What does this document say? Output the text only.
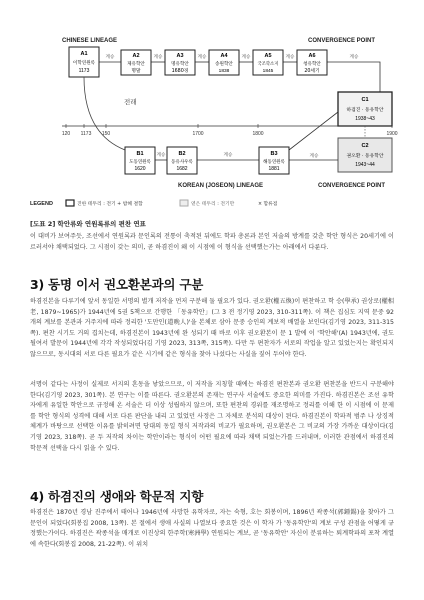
CHINESE LINEAGE	CONVERGENCE POINT
계승	계승	계승	계승	계승	계승
A1
이학연원록
1173
A2
제유학안
명말
A3
명유학안
1680경
A4
송원학안
1838
A5
국조학소지
1845
A6
청유학안
20세기
전래	C1
하겸진 · 동유학안
1938~43
C2
권오환 · 동유학안
1943~44
120 1173 150	1700	1800	1900
계승	계승	계승
B1
도동연원록
1620
B2
동유사우록
1682
B3
해동연원록
1881
KOREAN (JOSEON) LINEAGE	CONVERGENCE POINT
LEGEND	진한 테두리 : 전기 + 밤혜 결합	옅은 테두리 : 전기만	× 합류점
[도표 2] 학안류와 연원록류의 편찬 연표

이 대비가 보여주듯, 조선에서 연원록과 문인록의 전통이 축적된 뒤에도 학파 총론과 본인 저술의 방계를 갖춘 학안 형식은 20세기에 이르러서야 채택되었다. 그 시점이 갖는 의미, 곧 하겸진이 왜 이 시점에 이 형식을 선택했는가는 아래에서 다룬다.

3) 동명 이서 권오환본과의 구분

하겸진본을 다루기에 앞서 동일한 서명의 별개 저작을 먼저 구분해 둘 필요가 있다. 권오환(權五煥)이 편찬하고 학 승(學承) 권상로(權相老, 1879~1965)가 1944년에 5권 5책으로 간행한 「동유학안」(그 3 전 정기영 2023, 310-311쪽). 이 책은 집심도 지역 문중 92개의 계보를 본관과 거주지에 따라 정리한 '도만인(道晩人)'을 본체로 삼아 문중 승인의 계보적 배열을 보인다(김기영 2023, 311-315쪽). 편찬 시기도 거의 겹치는데, 하겸진본이 1943년에 완 성되기 때 바로 이후 권오환본이 문 1 발에 이 '학안해'(A) 1943년에, 권도 될여서 발문이 1944년에 각각 작성되었다(김 기영 2023, 313쪽, 315쪽). 다만 두 편찬자가 서로의 작업을 알고 있었는지는 확인되지 않으므로, 동시대의 서로 다른 필요가 같은 시기에 같은 형식을 찾아 나섰다는 사실을 짚어 두어야 한다.

서명이 같다는 사정이 실제로 서지의 혼동을 낳았으므로, 이 저작을 지칭할 때에는 하겸진 편찬본과 권오환 편찬본을 반드시 구분해야 한다(김기영 2023, 301쪽). 본 연구는 이를 따른다. 권오환본의 존재는 연구사 서술에도 중요한 의미를 가진다. 하겸진본은 조선 유학자에게 유일한 학안으로 규정해 온 서술은 더 이상 성립하지 않으며, 또한 편찬의 경위를 재조명하고 정리를 이해 한 이 시점에 이 문제를 학안 형식의 성격에 대해 서로 다른 판단을 내리 고 있었던 사정은 그 자체로 분석의 대상이 된다. 하겸진본이 학파적 범주 나 상징적 체계가 바탕으로 선택한 이유를 밝히려면 당대의 동일 형식 저작과의 비교가 필요하며, 권오환본은 그 비교의 가장 가까운 대상이다(김기영 2023, 318쪽). 곧 두 저작의 차이는 학안이라는 형식이 어떤 필요에 따라 채택 되었는가를 드러내며, 이러한 관점에서 하겸진의 학문적 선택을 다시 읽을 수 있다.

4) 하겸진의 생애와 학문적 지향

하겸진은 1870년 경남 진주에서 태어나 1946년에 사망한 유학자로, 자는 숙형, 호는 회봉이며, 1896년 곽종석(郭鍾錫)을 찾아가 그 문인이 되었다(회봉집 2008, 13쪽). 본 절에서 생애 사실의 나열보다 중요한 것은 이 학자 가 '동유학안'의 계보 구성 관점을 어떻게 규정했는가이다. 하겸진은 곽종석을 매개로 이진상의 한주학(寒洲學) 연원되는 계보, 곧 '동유학안' 자신이 분류하는 퇴계학파의 포착 계열에 속한다(회봉집 2008, 21-22쪽). 이 위치
